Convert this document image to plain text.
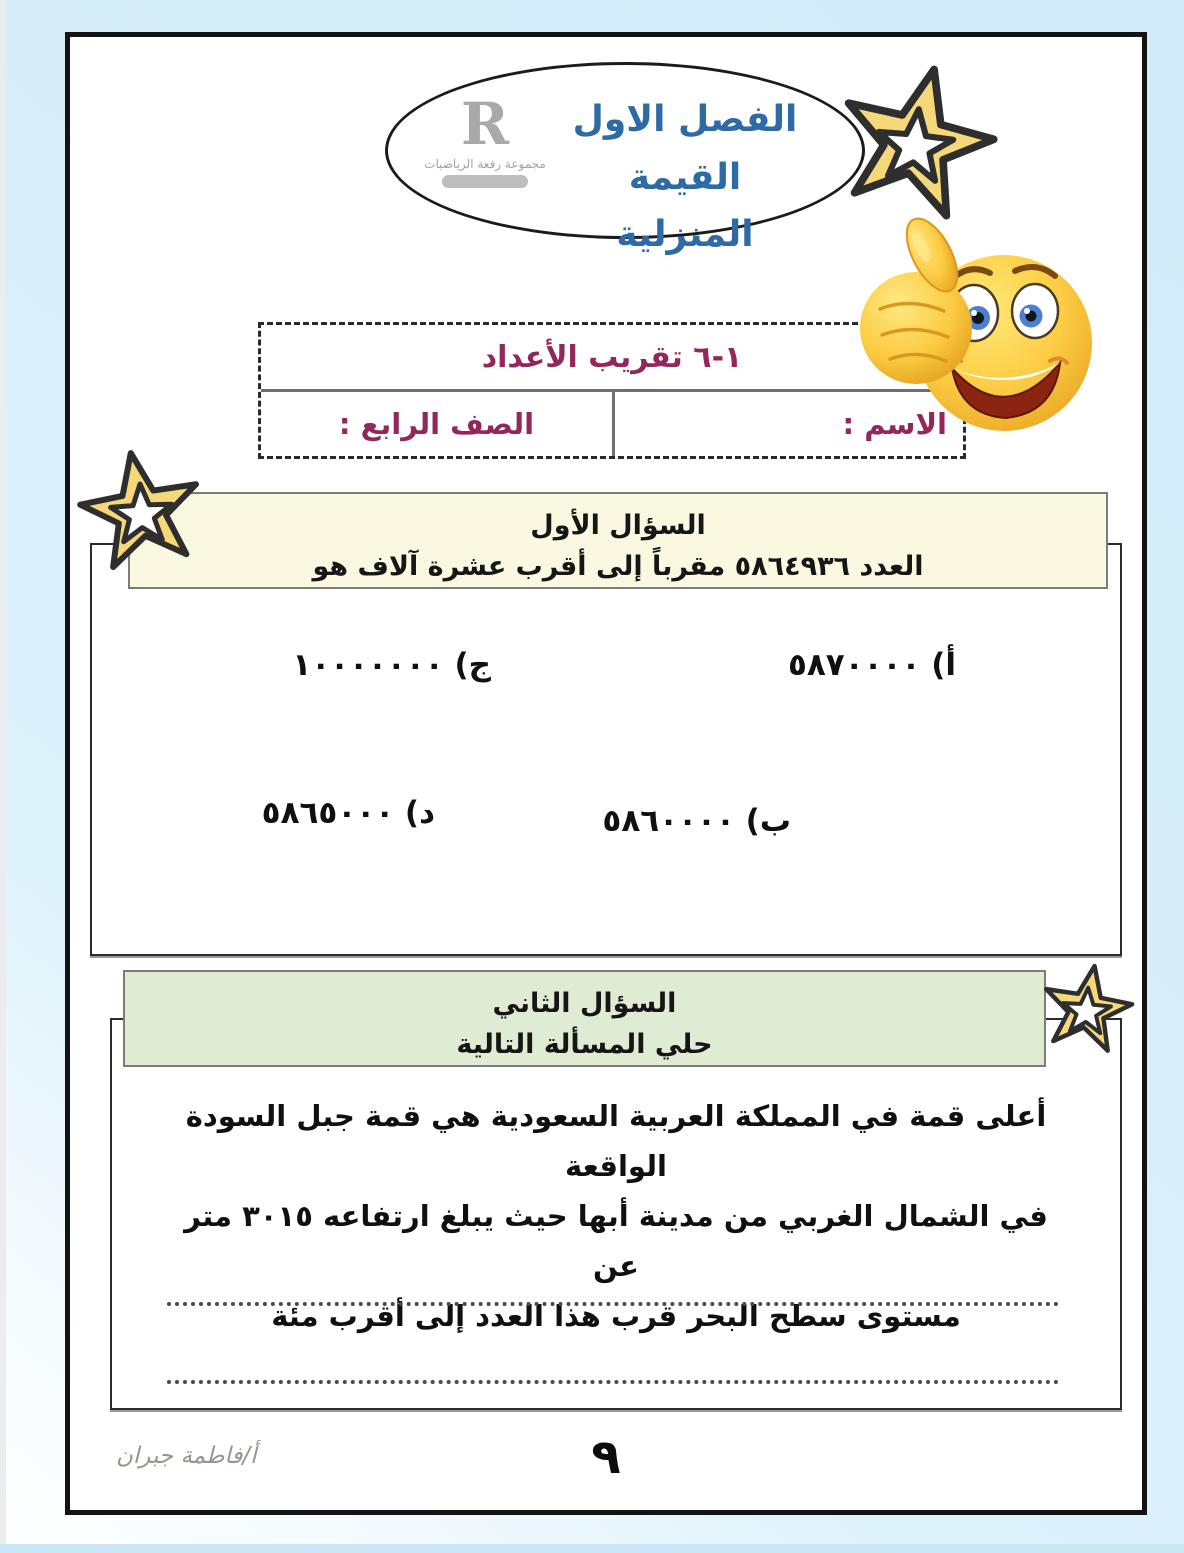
R
مجموعة رفعة الرياضيات
الفصل الاول القيمة
المنزلية
١-٦ تقريب الأعداد
الاسم :
الصف الرابع :
السؤال الأول
العدد ٥٨٦٤٩٣٦ مقرباً إلى أقرب عشرة آلاف هو
أ) ٥٨٧٠٠٠٠
ج) ١٠٠٠٠٠٠٠
ب) ٥٨٦٠٠٠٠
د) ٥٨٦٥٠٠٠
السؤال الثاني
حلي المسألة التالية
أعلى قمة في المملكة العربية السعودية هي قمة جبل السودة الواقعة
في الشمال الغربي من مدينة أبها حيث يبلغ ارتفاعه ٣٠١٥ متر عن
مستوى سطح البحر قرب هذا العدد إلى أقرب مئة
٩
أ/فاطمة جبران
